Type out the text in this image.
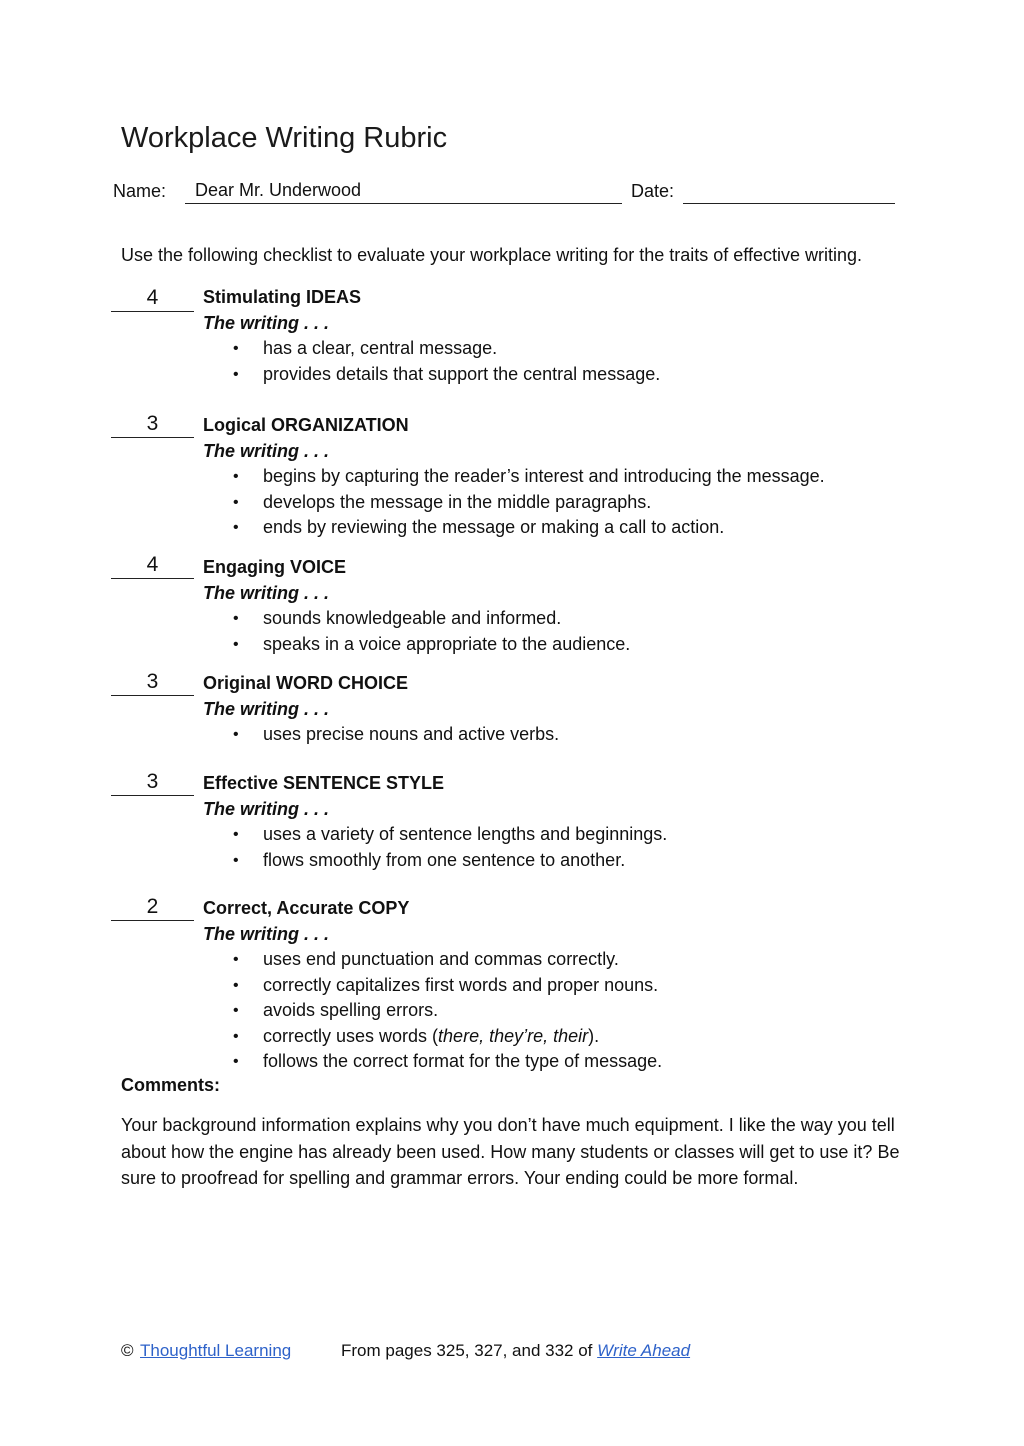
Workplace Writing Rubric
Name:	Dear Mr. Underwood	Date:
Use the following checklist to evaluate your workplace writing for the traits of effective writing.
4	Stimulating IDEAS
The writing . . .
• has a clear, central message.
• provides details that support the central message.
3	Logical ORGANIZATION
The writing . . .
• begins by capturing the reader’s interest and introducing the message.
• develops the message in the middle paragraphs.
• ends by reviewing the message or making a call to action.
4	Engaging VOICE
The writing . . .
• sounds knowledgeable and informed.
• speaks in a voice appropriate to the audience.
3	Original WORD CHOICE
The writing . . .
• uses precise nouns and active verbs.
3	Effective SENTENCE STYLE
The writing . . .
• uses a variety of sentence lengths and beginnings.
• flows smoothly from one sentence to another.
2	Correct, Accurate COPY
The writing . . .
• uses end punctuation and commas correctly.
• correctly capitalizes first words and proper nouns.
• avoids spelling errors.
• correctly uses words (there, they’re, their).
• follows the correct format for the type of message.
Comments:
Your background information explains why you don’t have much equipment. I like the way you tell about how the engine has already been used. How many students or classes will get to use it? Be sure to proofread for spelling and grammar errors. Your ending could be more formal.
© Thoughtful Learning	From pages 325, 327, and 332 of Write Ahead
